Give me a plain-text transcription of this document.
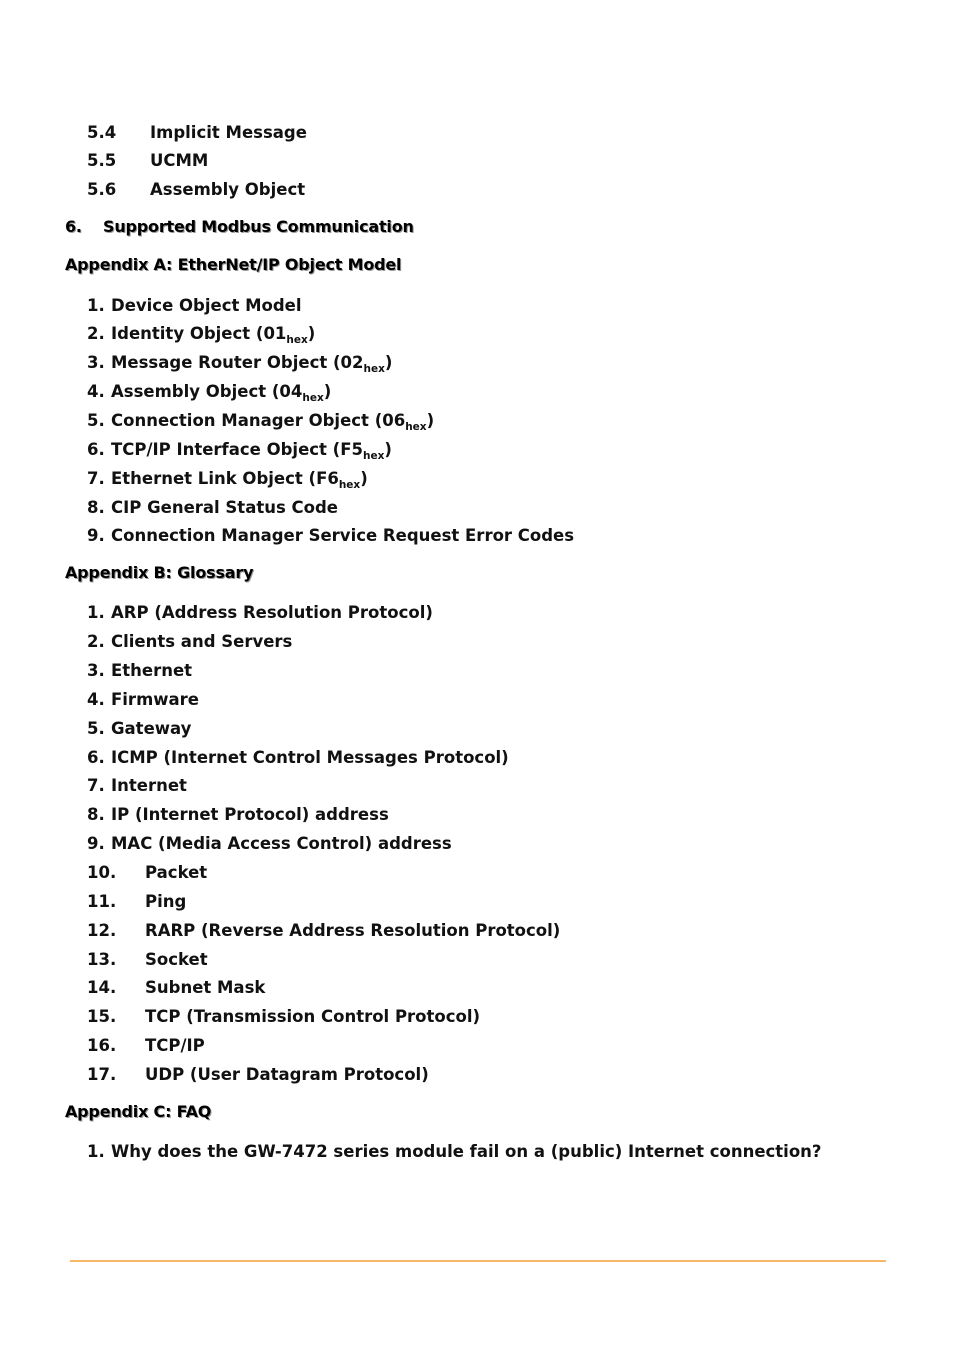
5.4 Implicit Message
5.5 UCMM
5.6 Assembly Object
6. Supported Modbus Communication
Appendix A: EtherNet/IP Object Model
1. Device Object Model
2. Identity Object $(01_{hex})$
3. Message Router Object $(02_{hex})$
4. Assembly Object $(04_{hex})$
5. Connection Manager Object $(06_{hex})$
6. TCP/IP Interface Object $(F5_{hex})$
7. Ethernet Link Object $(F6_{hex})$
8. CIP General Status Code
9. Connection Manager Service Request Error Codes
Appendix B: Glossary
1. ARP (Address Resolution Protocol)
2. Clients and Servers
3. Ethernet
4. Firmware
5. Gateway
6. ICMP (Internet Control Messages Protocol)
7. Internet
8. IP (Internet Protocol) address
9. MAC (Media Access Control) address
10. Packet
11. Ping
12. RARP (Reverse Address Resolution Protocol)
13. Socket
14. Subnet Mask
15. TCP (Transmission Control Protocol)
16. TCP/IP
17. UDP (User Datagram Protocol)
Appendix C: FAQ
1. Why does the GW-7472 series module fail on a (public) Internet connection?
